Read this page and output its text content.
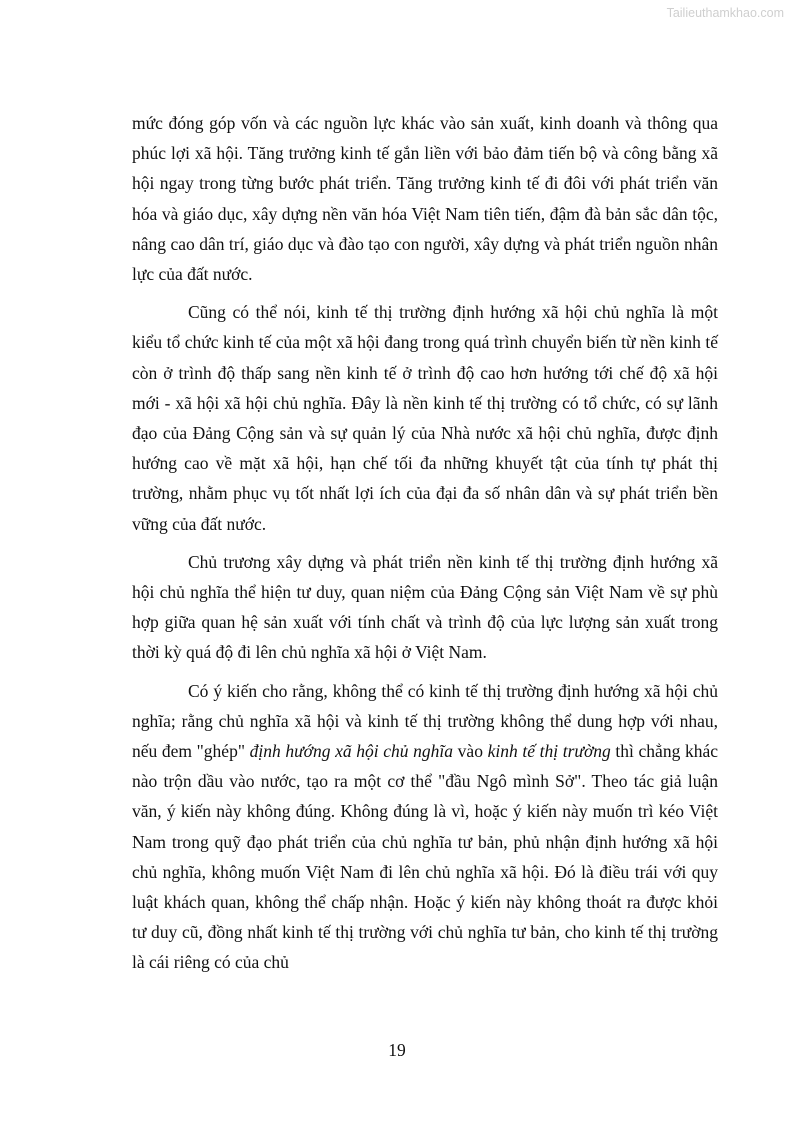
Tailieuthamkhao.com

mức đóng góp vốn và các nguồn lực khác vào sản xuất, kinh doanh và thông qua phúc lợi xã hội. Tăng trưởng kinh tế gắn liền với bảo đảm tiến bộ và công bằng xã hội ngay trong từng bước phát triển. Tăng trưởng kinh tế đi đôi với phát triển văn hóa và giáo dục, xây dựng nền văn hóa Việt Nam tiên tiến, đậm đà bản sắc dân tộc, nâng cao dân trí, giáo dục và đào tạo con người, xây dựng và phát triển nguồn nhân lực của đất nước.

Cũng có thể nói, kinh tế thị trường định hướng xã hội chủ nghĩa là một kiểu tổ chức kinh tế của một xã hội đang trong quá trình chuyển biến từ nền kinh tế còn ở trình độ thấp sang nền kinh tế ở trình độ cao hơn hướng tới chế độ xã hội mới - xã hội xã hội chủ nghĩa. Đây là nền kinh tế thị trường có tổ chức, có sự lãnh đạo của Đảng Cộng sản và sự quản lý của Nhà nước xã hội chủ nghĩa, được định hướng cao về mặt xã hội, hạn chế tối đa những khuyết tật của tính tự phát thị trường, nhằm phục vụ tốt nhất lợi ích của đại đa số nhân dân và sự phát triển bền vững của đất nước.

Chủ trương xây dựng và phát triển nền kinh tế thị trường định hướng xã hội chủ nghĩa thể hiện tư duy, quan niệm của Đảng Cộng sản Việt Nam về sự phù hợp giữa quan hệ sản xuất với tính chất và trình độ của lực lượng sản xuất trong thời kỳ quá độ đi lên chủ nghĩa xã hội ở Việt Nam.

Có ý kiến cho rằng, không thể có kinh tế thị trường định hướng xã hội chủ nghĩa; rằng chủ nghĩa xã hội và kinh tế thị trường không thể dung hợp với nhau, nếu đem "ghép" định hướng xã hội chủ nghĩa vào kinh tế thị trường thì chẳng khác nào trộn dầu vào nước, tạo ra một cơ thể "đầu Ngô mình Sở". Theo tác giả luận văn, ý kiến này không đúng. Không đúng là vì, hoặc ý kiến này muốn trì kéo Việt Nam trong quỹ đạo phát triển của chủ nghĩa tư bản, phủ nhận định hướng xã hội chủ nghĩa, không muốn Việt Nam đi lên chủ nghĩa xã hội. Đó là điều trái với quy luật khách quan, không thể chấp nhận. Hoặc ý kiến này không thoát ra được khỏi tư duy cũ, đồng nhất kinh tế thị trường với chủ nghĩa tư bản, cho kinh tế thị trường là cái riêng có của chủ

19
